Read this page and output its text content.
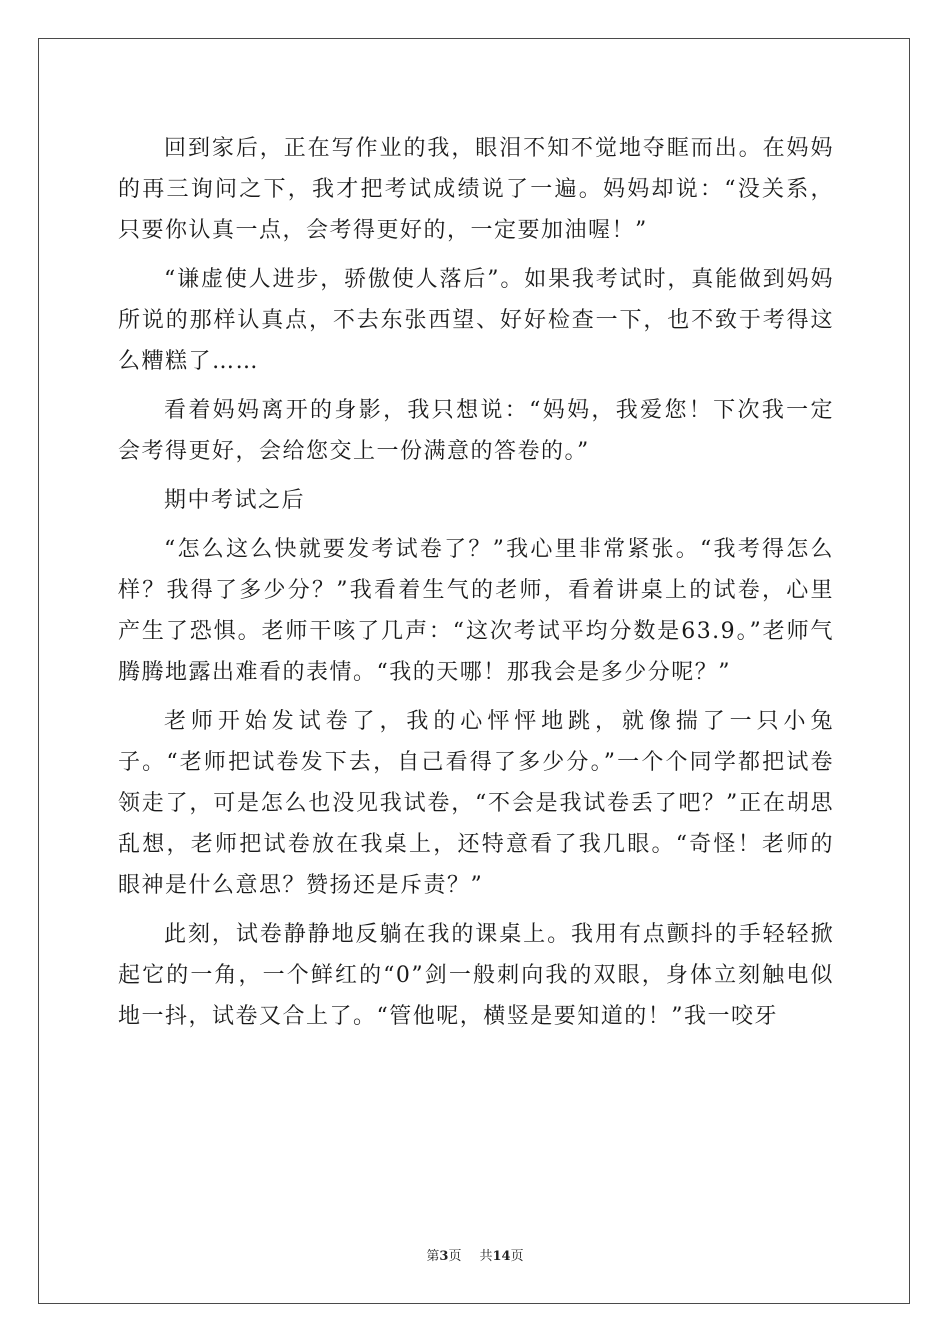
回到家后，正在写作业的我，眼泪不知不觉地夺眶而出。在妈妈的再三询问之下，我才把考试成绩说了一遍。妈妈却说：“没关系，只要你认真一点，会考得更好的，一定要加油喔！”

“谦虚使人进步，骄傲使人落后”。如果我考试时，真能做到妈妈所说的那样认真点，不去东张西望、好好检查一下，也不致于考得这么糟糕了……

看着妈妈离开的身影，我只想说：“妈妈，我爱您！下次我一定会考得更好，会给您交上一份满意的答卷的。”

期中考试之后

“怎么这么快就要发考试卷了？”我心里非常紧张。“我考得怎么样？我得了多少分？”我看着生气的老师，看着讲桌上的试卷，心里产生了恐惧。老师干咳了几声：“这次考试平均分数是63.9。”老师气腾腾地露出难看的表情。“我的天哪！那我会是多少分呢？”

老师开始发试卷了，我的心怦怦地跳，就像揣了一只小兔子。“老师把试卷发下去，自己看得了多少分。”一个个同学都把试卷领走了，可是怎么也没见我试卷，“不会是我试卷丢了吧？”正在胡思乱想，老师把试卷放在我桌上，还特意看了我几眼。“奇怪！老师的眼神是什么意思？赞扬还是斥责？”

此刻，试卷静静地反躺在我的课桌上。我用有点颤抖的手轻轻掀起它的一角，一个鲜红的“0”剑一般刺向我的双眼，身体立刻触电似地一抖，试卷又合上了。“管他呢，横竖是要知道的！”我一咬牙

第3页 共14页
